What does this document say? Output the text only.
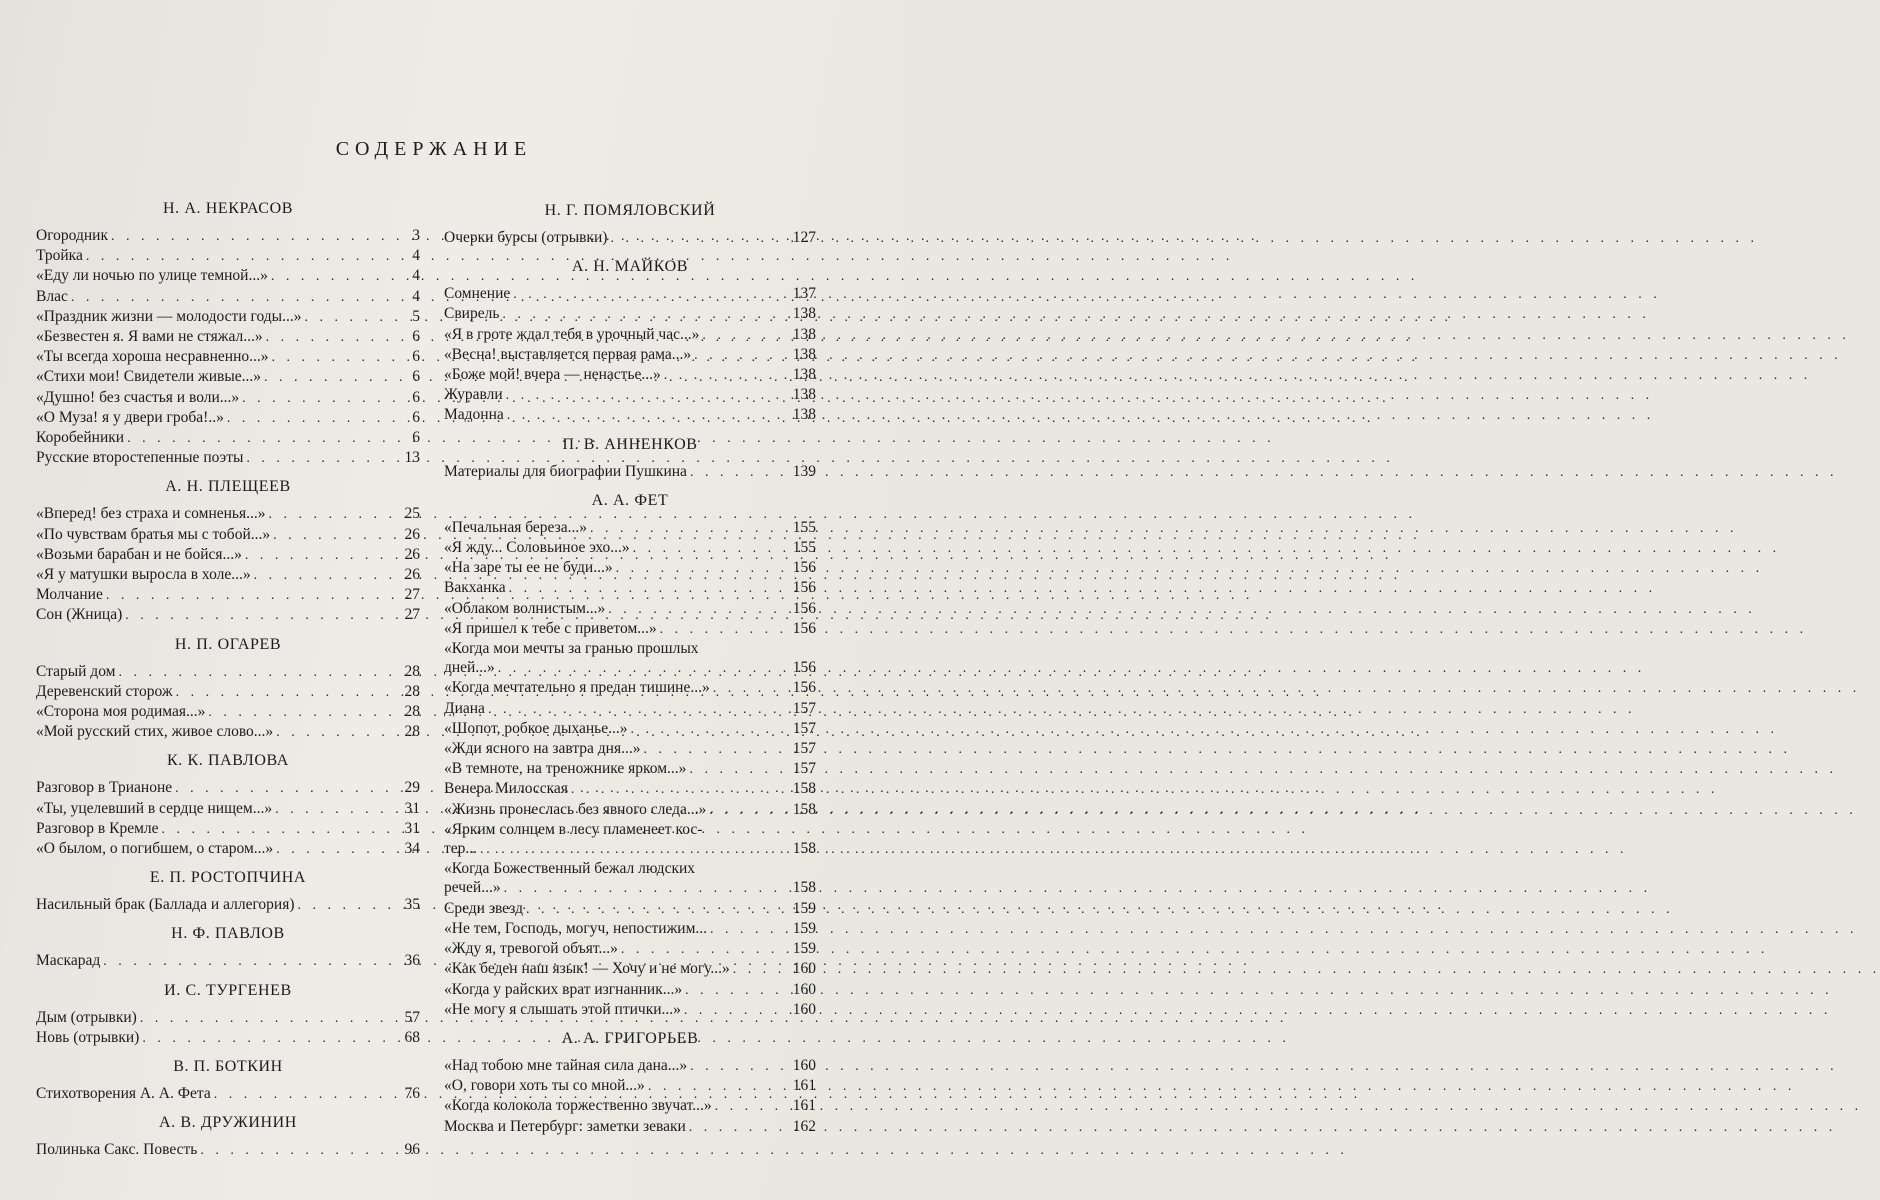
СОДЕРЖАНИЕ
Н. А. НЕКРАСОВ
Огородник . . .	3
Тройка . . .	4
«Еду ли ночью по улице темной...» . . .	4
Влас . . .	4
«Праздник жизни — молодости годы...» . . .	5
«Безвестен я. Я вами не стяжал...» . . .	6
«Ты всегда хороша несравненно...» . . .	6
«Стихи мои! Свидетели живые...» . . .	6
«Душно! без счастья и воли...» . . .	6
«О Муза! я у двери гроба!..» . . .	6
Коробейники . . .	6
Русские второстепенные поэты . . .	13
А. Н. ПЛЕЩЕЕВ
«Вперед! без страха и сомненья...» . . .	25
«По чувствам братья мы с тобой...» . . .	26
«Возьми барабан и не бойся...» . . .	26
«Я у матушки выросла в холе...» . . .	26
Молчание . . .	27
Сон (Жница) . . .	27
Н. П. ОГАРЕВ
Старый дом . . .	28
Деревенский сторож . . .	28
«Сторона моя родимая...» . . .	28
«Мой русский стих, живое слово...» . . .	28
К. К. ПАВЛОВА
Разговор в Трианоне . . .	29
«Ты, уцелевший в сердце нищем...» . . .	31
Разговор в Кремле . . .	31
«О былом, о погибшем, о старом...» . . .	34
Е. П. РОСТОПЧИНА
Насильный брак (Баллада и аллегория) . . .	35
Н. Ф. ПАВЛОВ
Маскарад . . .	36
И. С. ТУРГЕНЕВ
Дым (отрывки) . . .	57
Новь (отрывки) . . .	68
В. П. БОТКИН
Стихотворения А. А. Фета . . .	76
А. В. ДРУЖИНИН
Полинька Сакс. Повесть . . .	96
Н. Г. ПОМЯЛОВСКИЙ
Очерки бурсы (отрывки) . . .	127
А. Н. МАЙКОВ
Сомнение . . .	137
Свирель . . .	138
«Я в гроте ждал тебя в урочный час...» . . .	138
«Весна! выставляется первая рама...» . . .	138
«Боже мой! вчера — ненастье...» . . .	138
Журавли . . .	138
Мадонна . . .	138
П. В. АННЕНКОВ
Материалы для биографии Пушкина . . .	139
А. А. ФЕТ
«Печальная береза...» . . .	155
«Я жду... Соловьиное эхо...» . . .	155
«На заре ты ее не буди...» . . .	156
Вакханка . . .	156
«Облаком волнистым...» . . .	156
«Я пришел к тебе с приветом...» . . .	156
«Когда мои мечты за гранью прошлых
дней...» . . .	156
«Когда мечтательно я предан тишине...» . . .	156
Диана . . .	157
«Шопот, робкое дыханье...» . . .	157
«Жди ясного на завтра дня...» . . .	157
«В темноте, на треножнике ярком...» . . .	157
Венера Милосская . . .	158
«Жизнь пронеслась без явного следа...» . . .	158
«Ярким солнцем в лесу пламенеет кос-
тер... . . .	158
«Когда Божественный бежал людских
речей...» . . .	158
Среди звезд . . .	159
«Не тем, Господь, могуч, непостижим... . . .	159
«Жду я, тревогой объят...» . . .	159
«Как беден наш язык! — Хочу и не могу...» . . .	160
«Когда у райских врат изгнанник...» . . .	160
«Не могу я слышать этой птички...» . . .	160
А. А. ГРИГОРЬЕВ
«Над тобою мне тайная сила дана...» . . .	160
«О, говори хоть ты со мной...» . . .	161
«Когда колокола торжественно звучат...» . . .	161
Москва и Петербург: заметки зеваки . . .	162
